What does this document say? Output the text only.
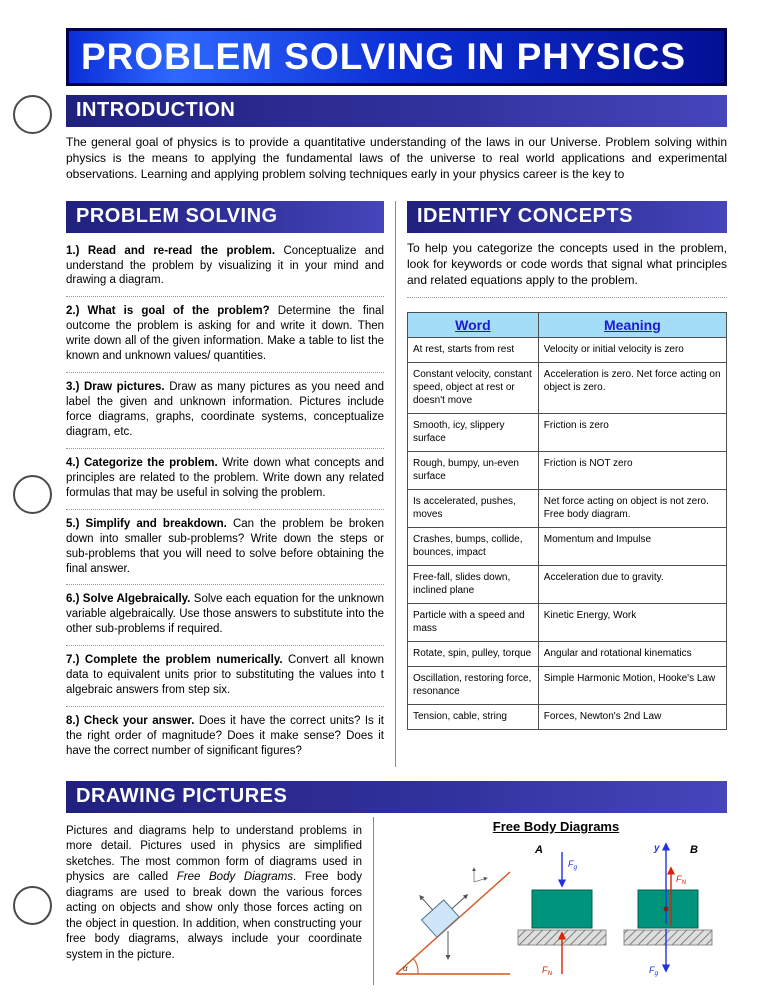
PROBLEM SOLVING IN PHYSICS
INTRODUCTION

The general goal of physics is to provide a quantitative understanding of the laws in our Universe. Problem solving within physics is the means to applying the fundamental laws of the universe to real world applications and experimental observations. Learning and applying problem solving techniques early in your physics career is the key to

PROBLEM SOLVING

1.) Read and re-read the problem. Conceptualize and understand the problem by visualizing it in your mind and drawing a diagram.

2.) What is goal of the problem? Determine the final outcome the problem is asking for and write it down. Then write down all of the given information. Make a table to list the known and unknown values/ quantities.

3.) Draw pictures. Draw as many pictures as you need and label the given and unknown information. Pictures include force diagrams, graphs, coordinate systems, conceptualize diagram, etc.

4.) Categorize the problem. Write down what concepts and principles are related to the problem. Write down any related formulas that may be useful in solving the problem.

5.) Simplify and breakdown. Can the problem be broken down into smaller sub-problems? Write down the steps or sub-problems that you will need to solve before obtaining the final answer.

6.) Solve Algebraically. Solve each equation for the unknown variable algebraically. Use those answers to substitute into the other sub-problems if required.

7.) Complete the problem numerically. Convert all known data to equivalent units prior to substituting the values into t algebraic answers from step six.

8.) Check your answer. Does it have the correct units? Is it the right order of magnitude? Does it make sense? Does it have the correct number of significant figures?

IDENTIFY CONCEPTS

To help you categorize the concepts used in the problem, look for keywords or code words that signal what principles and related equations apply to the problem.

Word	Meaning
At rest, starts from rest	Velocity or initial velocity is zero
Constant velocity, constant speed, object at rest or doesn't move	Acceleration is zero. Net force acting on object is zero.
Smooth, icy, slippery surface	Friction is zero
Rough, bumpy, un-even surface	Friction is NOT zero
Is accelerated, pushes, moves	Net force acting on object is not zero. Free body diagram.
Crashes, bumps, collide, bounces, impact	Momentum and Impulse
Free-fall, slides down, inclined plane	Acceleration due to gravity.
Particle with a speed and mass	Kinetic Energy, Work
Rotate, spin, pulley, torque	Angular and rotational kinematics
Oscillation, restoring force, resonance	Simple Harmonic Motion, Hooke's Law
Tension, cable, string	Forces, Newton's 2nd Law
DRAWING PICTURES

Pictures and diagrams help to understand problems in more detail. Pictures used in physics are simplified sketches. The most common form of diagrams used in physics are called Free Body Diagrams. Free body diagrams are used to break down the various forces acting on objects and show only those forces acting on the object in question. In addition, when constructing your free body diagrams, always include your coordinate system in the picture.

Free Body Diagrams
α
A
$F_g$
$F_N$
B
y
$F_N$
$F_g$
